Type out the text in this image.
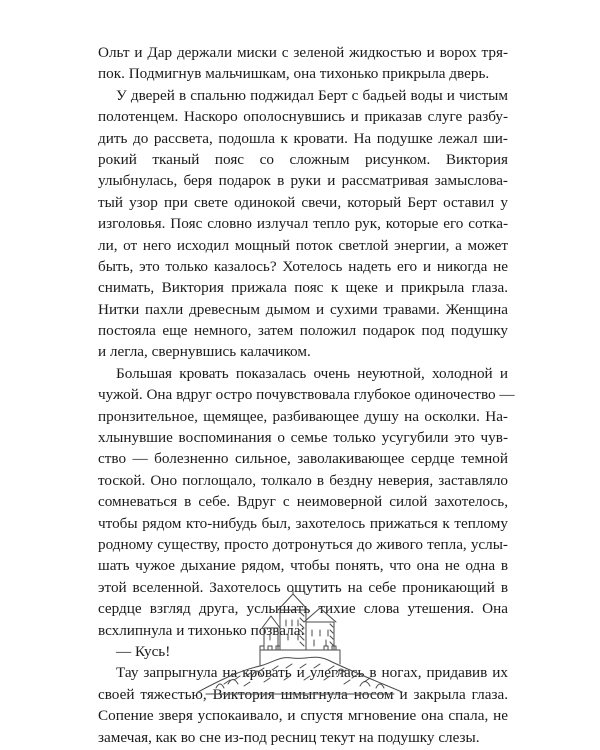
Ольт и Дар держали миски с зеленой жидкостью и ворох тря-
пок. Подмигнув мальчишкам, она тихонько прикрыла дверь.
У дверей в спальню поджидал Берт с бадьей воды и чистым
полотенцем. Наскоро ополоснувшись и приказав слуге разбу-
дить до рассвета, подошла к кровати. На подушке лежал ши-
рокий тканый пояс со сложным рисунком. Виктория
улыбнулась, беря подарок в руки и рассматривая замыслова-
тый узор при свете одинокой свечи, который Берт оставил у
изголовья. Пояс словно излучал тепло рук, которые его сотка-
ли, от него исходил мощный поток светлой энергии, а может
быть, это только казалось? Хотелось надеть его и никогда не
снимать, Виктория прижала пояс к щеке и прикрыла глаза.
Нитки пахли древесным дымом и сухими травами. Женщина
постояла еще немного, затем положил подарок под подушку
и легла, свернувшись калачиком.
Большая кровать показалась очень неуютной, холодной и
чужой. Она вдруг остро почувствовала глубокое одиночество —
пронзительное, щемящее, разбивающее душу на осколки. На-
хлынувшие воспоминания о семье только усугубили это чув-
ство — болезненно сильное, заволакивающее сердце темной
тоской. Оно поглощало, толкало в бездну неверия, заставляло
сомневаться в себе. Вдруг с неимоверной силой захотелось,
чтобы рядом кто-нибудь был, захотелось прижаться к теплому
родному существу, просто дотронуться до живого тепла, услы-
шать чужое дыхание рядом, чтобы понять, что она не одна в
этой вселенной. Захотелось ощутить на себе проникающий в
сердце взгляд друга, услышать тихие слова утешения. Она
всхлипнула и тихонько позвала:
— Кусь!
Тау запрыгнула на кровать и улеглась в ногах, придавив их
своей тяжестью, Виктория шмыгнула носом и закрыла глаза.
Сопение зверя успокаивало, и спустя мгновение она спала, не
замечая, как во сне из-под ресниц текут на подушку слезы.
